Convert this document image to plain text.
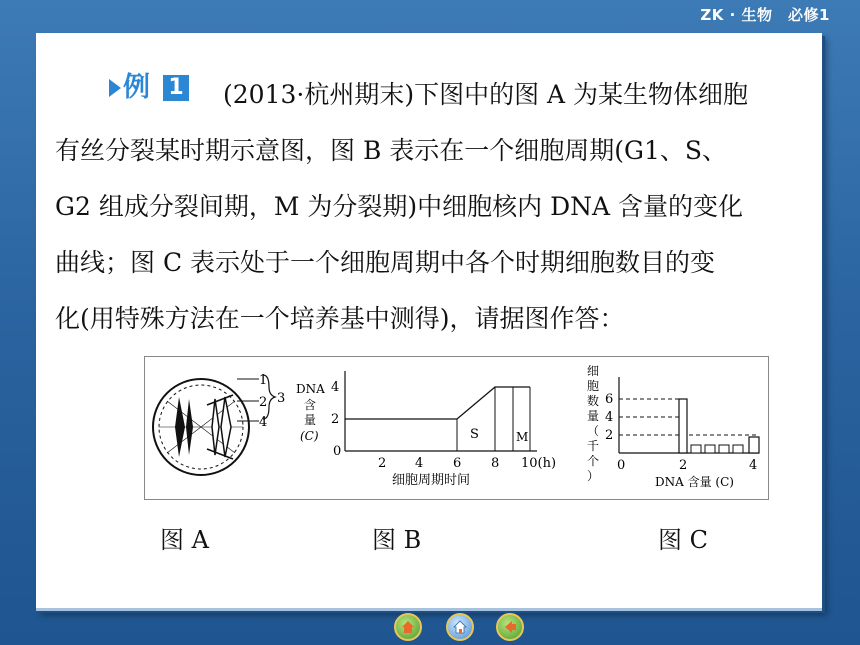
ZK · 生物　必修1
例 1	(2013·杭州期末)下图中的图 A 为某生物体细胞
有丝分裂某时期示意图，图 B 表示在一个细胞周期(G1、S、
G2 组成分裂间期，M 为分裂期)中细胞核内 DNA 含量的变化
曲线；图 C 表示处于一个细胞周期中各个时期细胞数目的变
化(用特殊方法在一个培养基中测得)，请据图作答：
1
2 3
4
DNA
含
量
(C)
4
2
0
S	M
2 4 6 8 10(h)
细胞周期时间
细
胞
数
量
（
千
个
）
6
4
2
0	2	4
DNA 含量 (C)
图 A	图 B	图 C
